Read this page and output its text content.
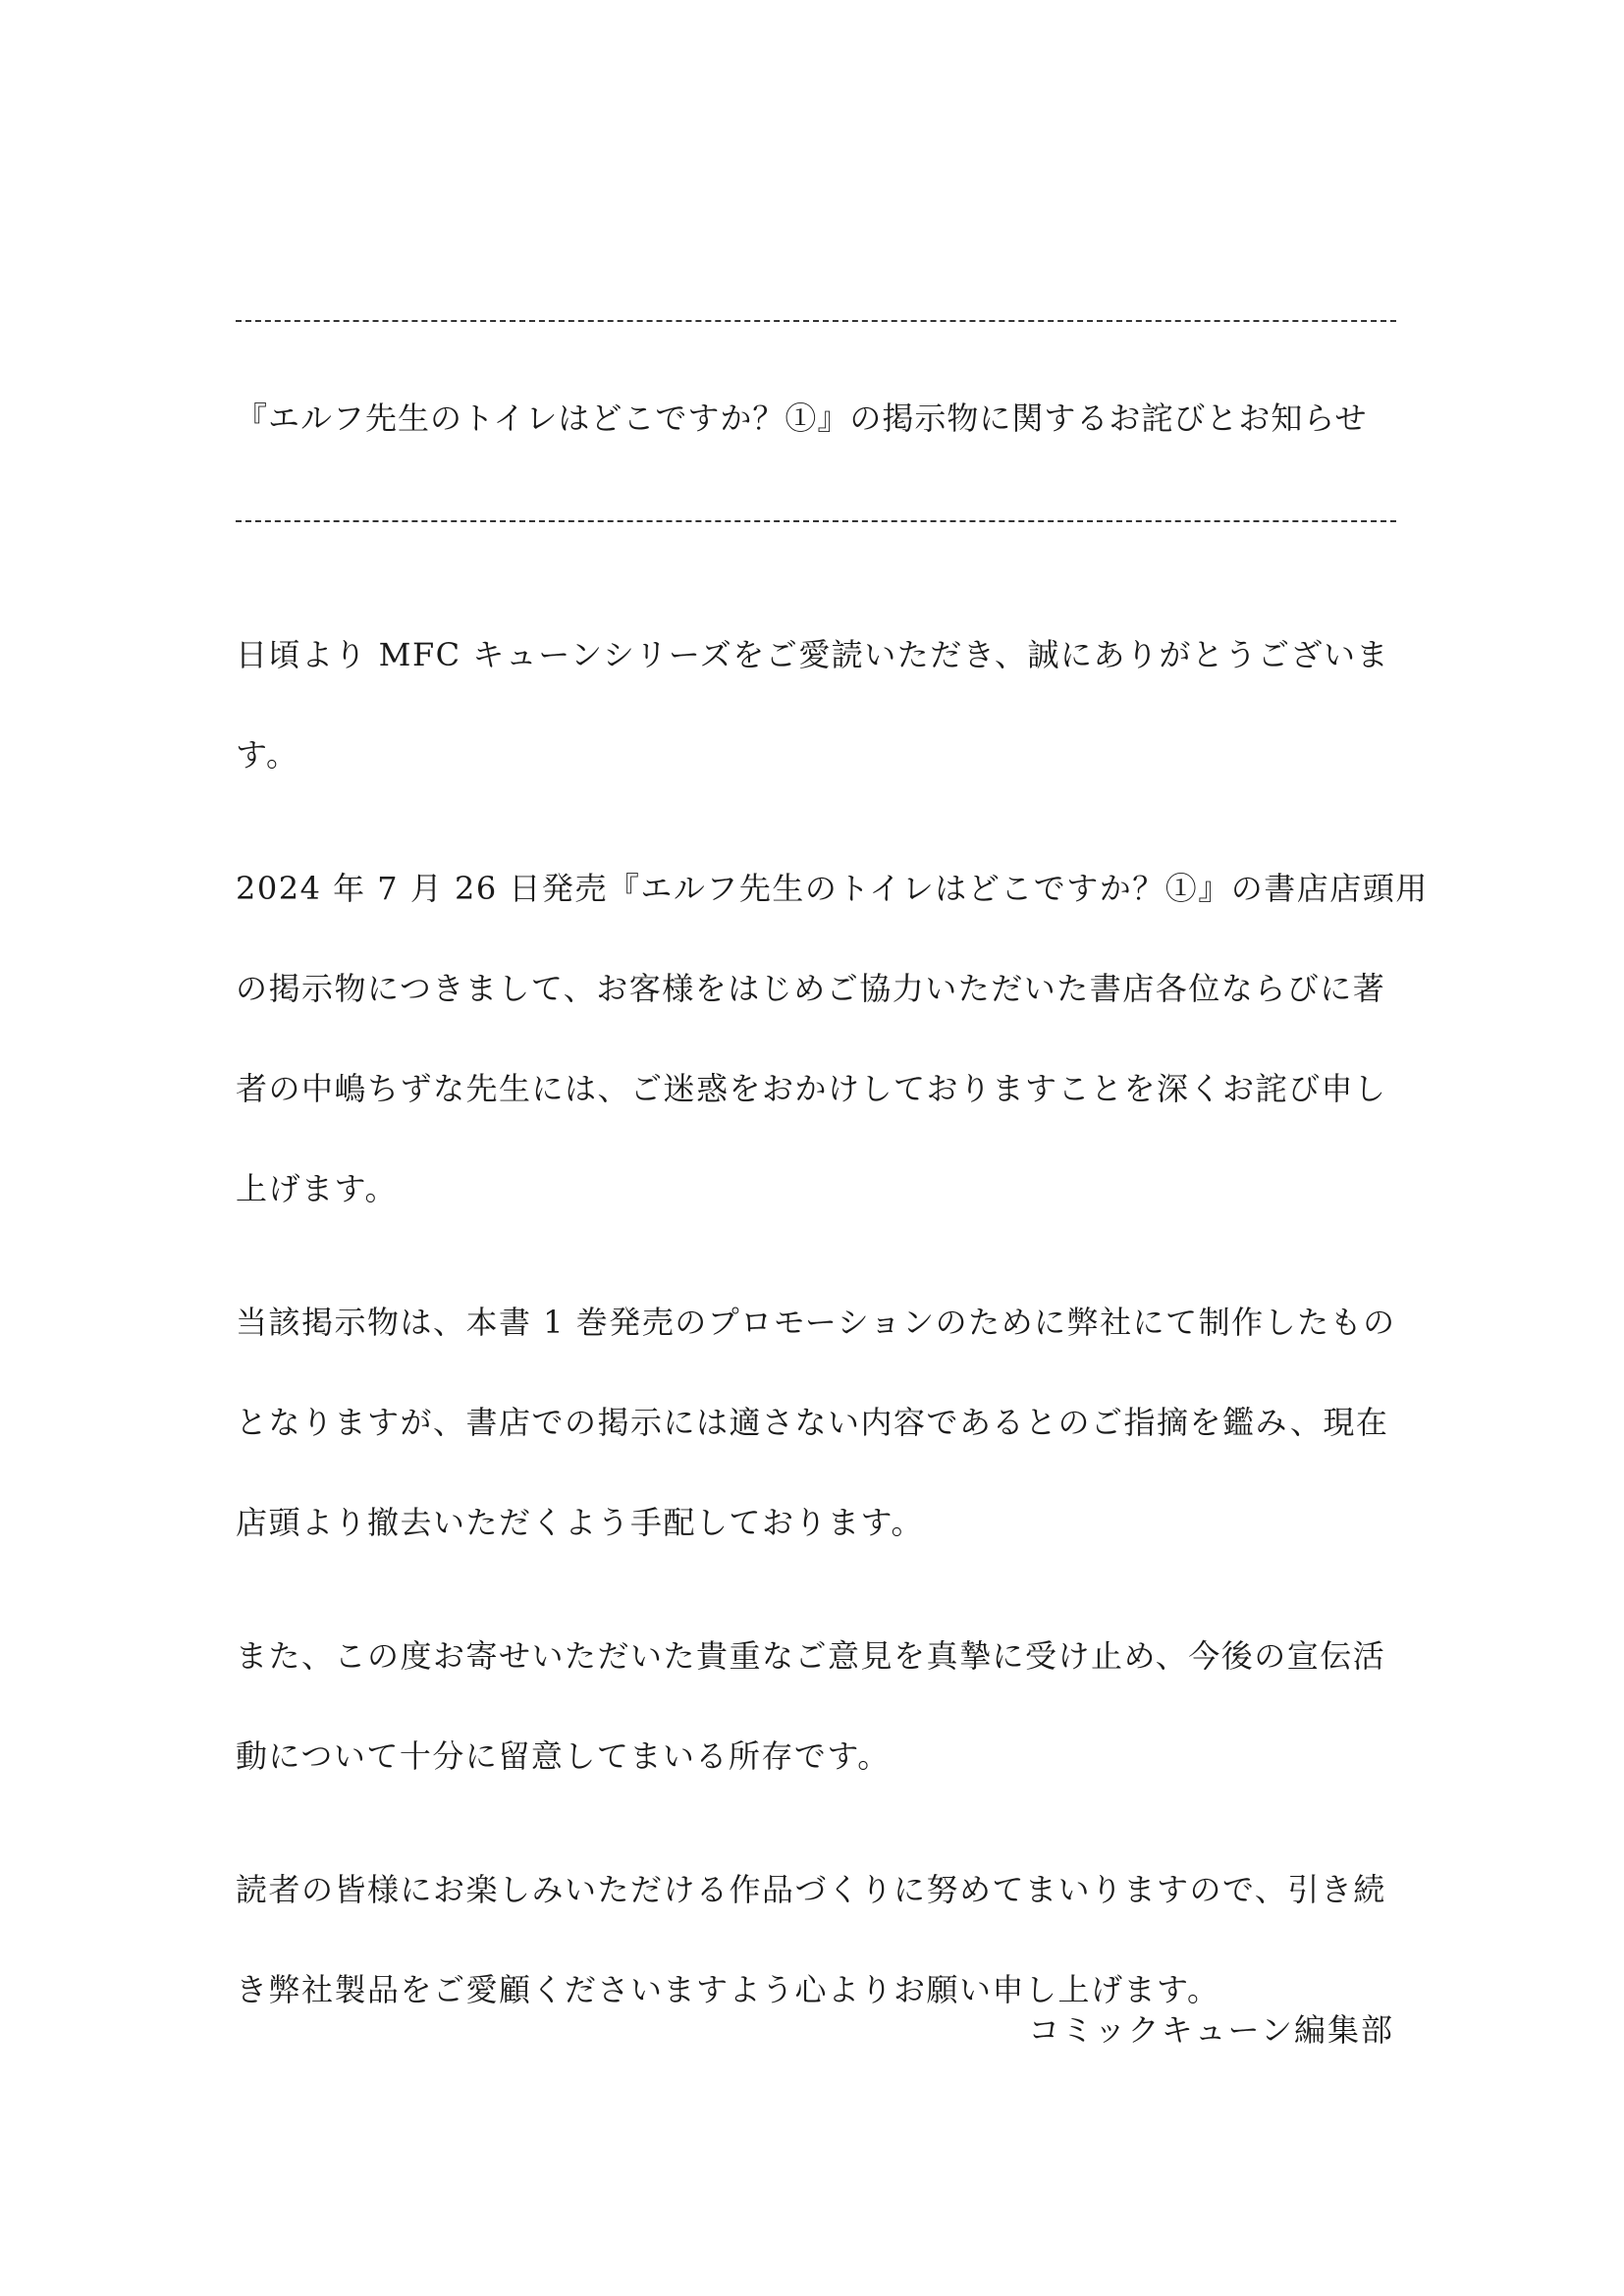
『エルフ先生のトイレはどこですか？①』の掲示物に関するお詫びとお知らせ
日頃より MFC キューンシリーズをご愛読いただき、誠にありがとうございま
す。
2024 年 7 月 26 日発売『エルフ先生のトイレはどこですか？①』の書店店頭用
の掲示物につきまして、お客様をはじめご協力いただいた書店各位ならびに著
者の中嶋ちずな先生には、ご迷惑をおかけしておりますことを深くお詫び申し
上げます。
当該掲示物は、本書 1 巻発売のプロモーションのために弊社にて制作したもの
となりますが、書店での掲示には適さない内容であるとのご指摘を鑑み、現在
店頭より撤去いただくよう手配しております。
また、この度お寄せいただいた貴重なご意見を真摯に受け止め、今後の宣伝活
動について十分に留意してまいる所存です。
読者の皆様にお楽しみいただける作品づくりに努めてまいりますので、引き続
き弊社製品をご愛顧くださいますよう心よりお願い申し上げます。
コミックキューン編集部
